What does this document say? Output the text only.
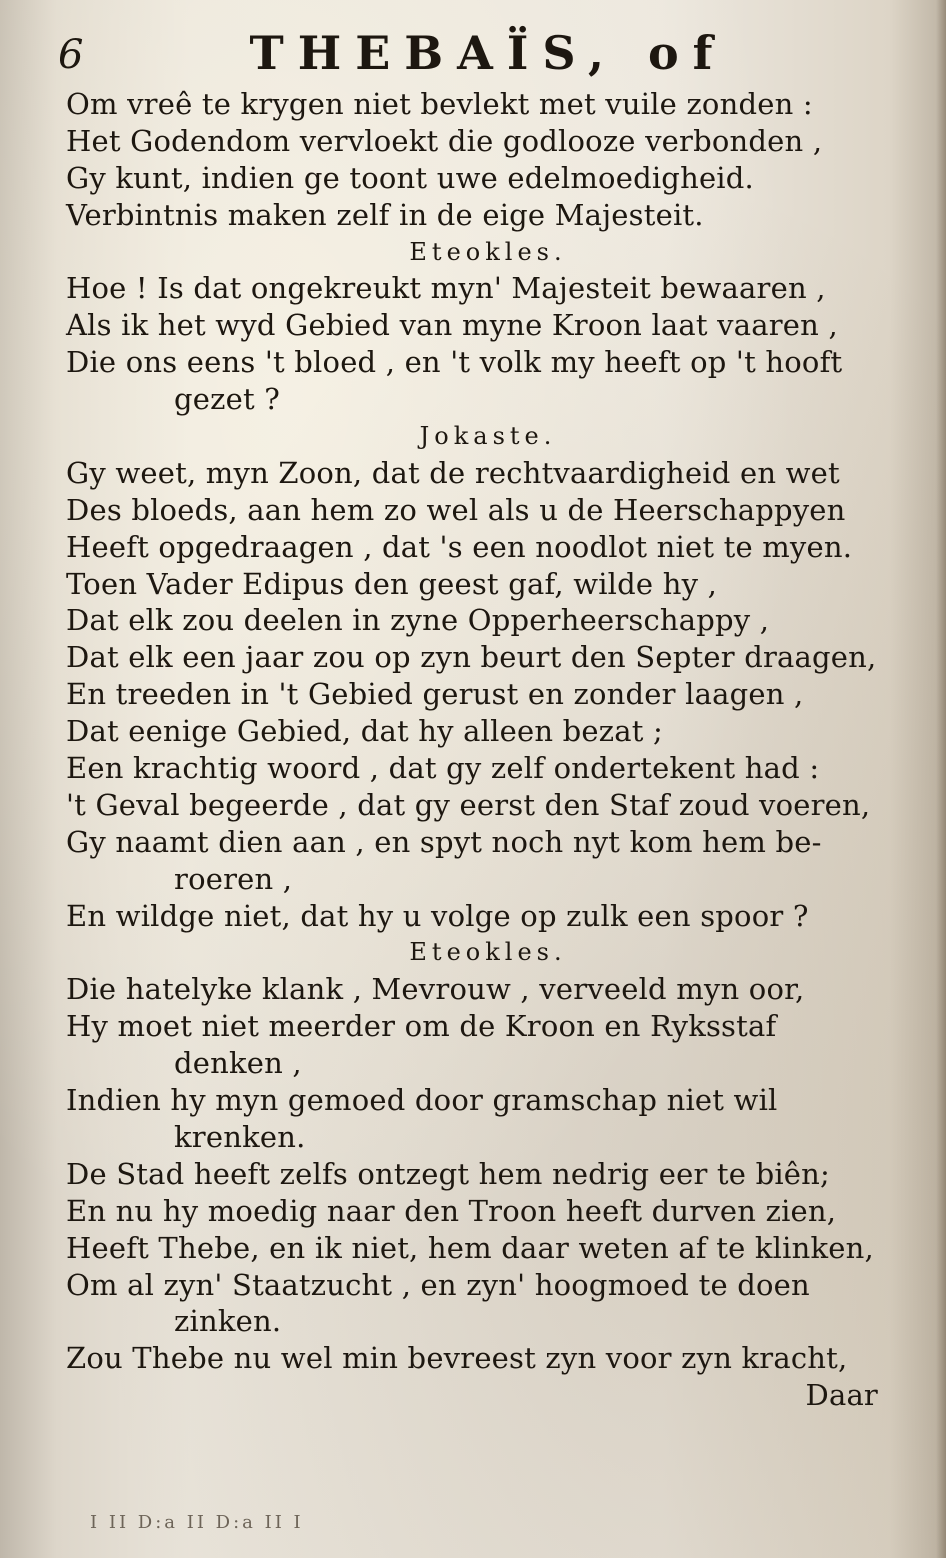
6	THEBAÏS, of
Om vreê te krygen niet bevlekt met vuile zonden :
Het Godendom vervloekt die godlooze verbonden ,
Gy kunt, indien ge toont uwe edelmoedigheid.
Verbintnis maken zelf in de eige Majesteit.
Eteokles.
Hoe ! Is dat ongekreukt myn' Majesteit bewaaren ,
Als ik het wyd Gebied van myne Kroon laat vaaren ,
Die ons eens 't bloed , en 't volk my heeft op 't hooft
gezet ?
Jokaste.
Gy weet, myn Zoon, dat de rechtvaardigheid en wet
Des bloeds, aan hem zo wel als u de Heerschappyen
Heeft opgedraagen , dat 's een noodlot niet te myen.
Toen Vader Edipus den geest gaf, wilde hy ,
Dat elk zou deelen in zyne Opperheerschappy ,
Dat elk een jaar zou op zyn beurt den Septer draagen,
En treeden in 't Gebied gerust en zonder laagen ,
Dat eenige Gebied, dat hy alleen bezat ;
Een krachtig woord , dat gy zelf ondertekent had :
't Geval begeerde , dat gy eerst den Staf zoud voeren,
Gy naamt dien aan , en spyt noch nyt kom hem be-
roeren ,
En wildge niet, dat hy u volge op zulk een spoor ?
Eteokles.
Die hatelyke klank , Mevrouw , verveeld myn oor,
Hy moet niet meerder om de Kroon en Ryksstaf
denken ,
Indien hy myn gemoed door gramschap niet wil
krenken.
De Stad heeft zelfs ontzegt hem nedrig eer te biên;
En nu hy moedig naar den Troon heeft durven zien,
Heeft Thebe, en ik niet, hem daar weten af te klinken,
Om al zyn' Staatzucht , en zyn' hoogmoed te doen
zinken.
Zou Thebe nu wel min bevreest zyn voor zyn kracht,
Daar
I II D:a II D:a II I
